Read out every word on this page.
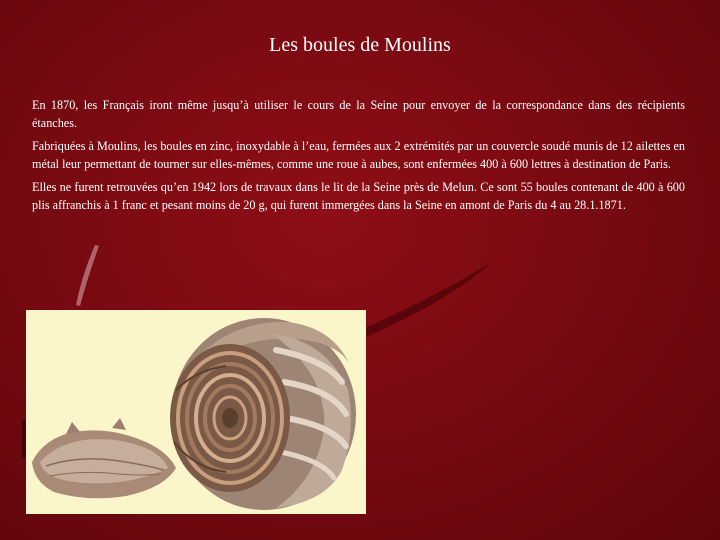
Les boules de Moulins

En 1870, les Français iront même jusqu’à utiliser le cours de la Seine pour envoyer de la correspondance dans des récipients étanches.

Fabriquées à Moulins, les boules en zinc, inoxydable à l’eau, fermées aux 2 extrémités par un couvercle soudé munis de 12 ailettes en métal leur permettant de tourner sur elles-mêmes, comme une roue à aubes, sont enfermées 400 à 600 lettres à destination de Paris.

Elles ne furent retrouvées qu’en 1942 lors de travaux dans le lit de la Seine près de Melun. Ce sont 55 boules contenant de 400 à 600 plis affranchis à 1 franc et pesant moins de 20 g, qui furent immergées dans la Seine en amont de Paris du 4 au 28.1.1871.
